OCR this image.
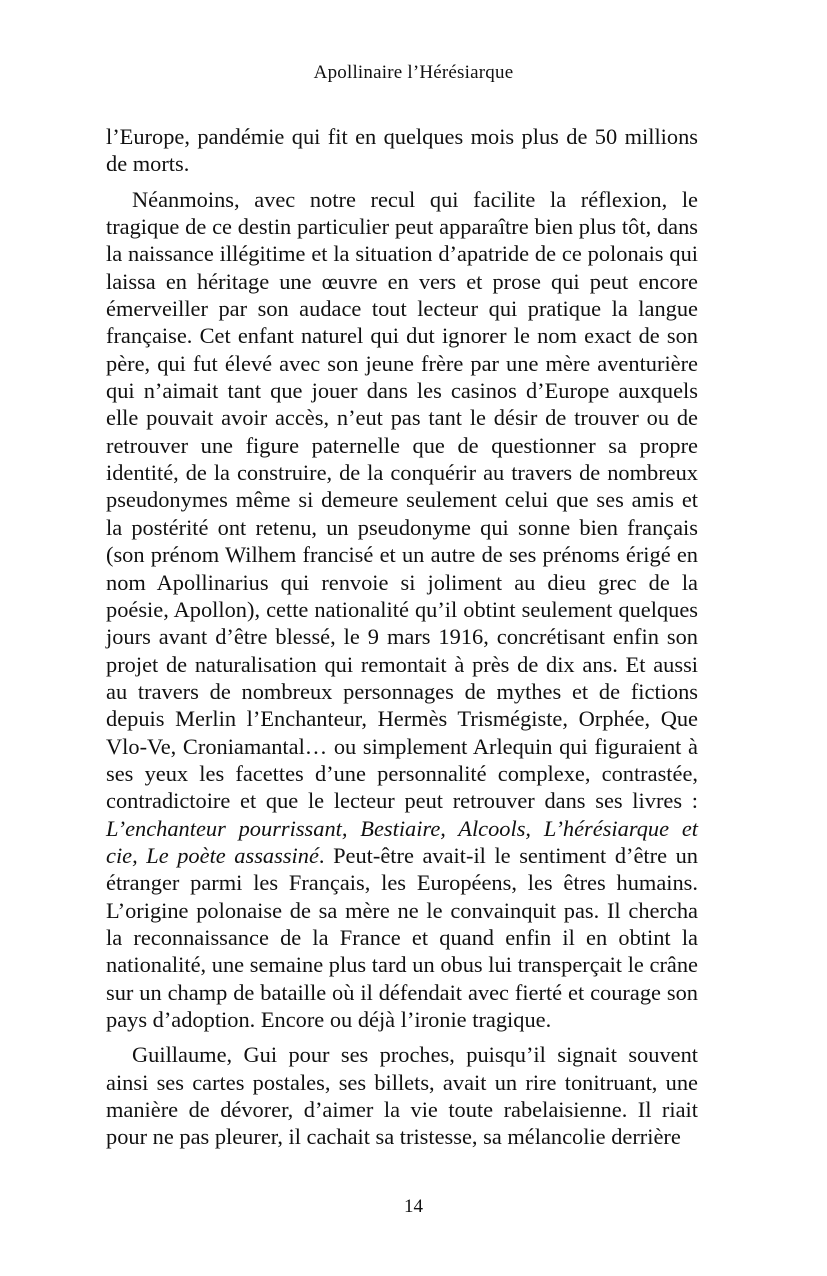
Apollinaire l’Hérésiarque

l’Europe, pandémie qui fit en quelques mois plus de 50 millions de morts.

Néanmoins, avec notre recul qui facilite la réflexion, le tragique de ce destin particulier peut apparaître bien plus tôt, dans la naissance illégitime et la situation d’apatride de ce polonais qui laissa en héritage une œuvre en vers et prose qui peut encore émerveiller par son audace tout lecteur qui pratique la langue française. Cet enfant naturel qui dut ignorer le nom exact de son père, qui fut élevé avec son jeune frère par une mère aventurière qui n’aimait tant que jouer dans les casinos d’Europe auxquels elle pouvait avoir accès, n’eut pas tant le désir de trouver ou de retrouver une figure paternelle que de questionner sa propre identité, de la construire, de la conquérir au travers de nombreux pseudonymes même si demeure seulement celui que ses amis et la postérité ont retenu, un pseudonyme qui sonne bien français (son prénom Wilhem francisé et un autre de ses prénoms érigé en nom Apollinarius qui renvoie si joliment au dieu grec de la poésie, Apollon), cette nationalité qu’il obtint seulement quelques jours avant d’être blessé, le 9 mars 1916, concrétisant enfin son projet de naturalisation qui remontait à près de dix ans. Et aussi au travers de nombreux personnages de mythes et de fictions depuis Merlin l’Enchanteur, Hermès Trismégiste, Orphée, Que Vlo-Ve, Croniamantal… ou simplement Arlequin qui figuraient à ses yeux les facettes d’une personnalité complexe, contrastée, contradictoire et que le lecteur peut retrouver dans ses livres : L’enchanteur pourrissant, Bestiaire, Alcools, L’hérésiarque et cie, Le poète assassiné. Peut-être avait-il le sentiment d’être un étranger parmi les Français, les Européens, les êtres humains. L’origine polonaise de sa mère ne le convainquit pas. Il chercha la reconnaissance de la France et quand enfin il en obtint la nationalité, une semaine plus tard un obus lui transperçait le crâne sur un champ de bataille où il défendait avec fierté et courage son pays d’adoption. Encore ou déjà l’ironie tragique.

Guillaume, Gui pour ses proches, puisqu’il signait souvent ainsi ses cartes postales, ses billets, avait un rire tonitruant, une manière de dévorer, d’aimer la vie toute rabelaisienne. Il riait pour ne pas pleurer, il cachait sa tristesse, sa mélancolie derrière

14
